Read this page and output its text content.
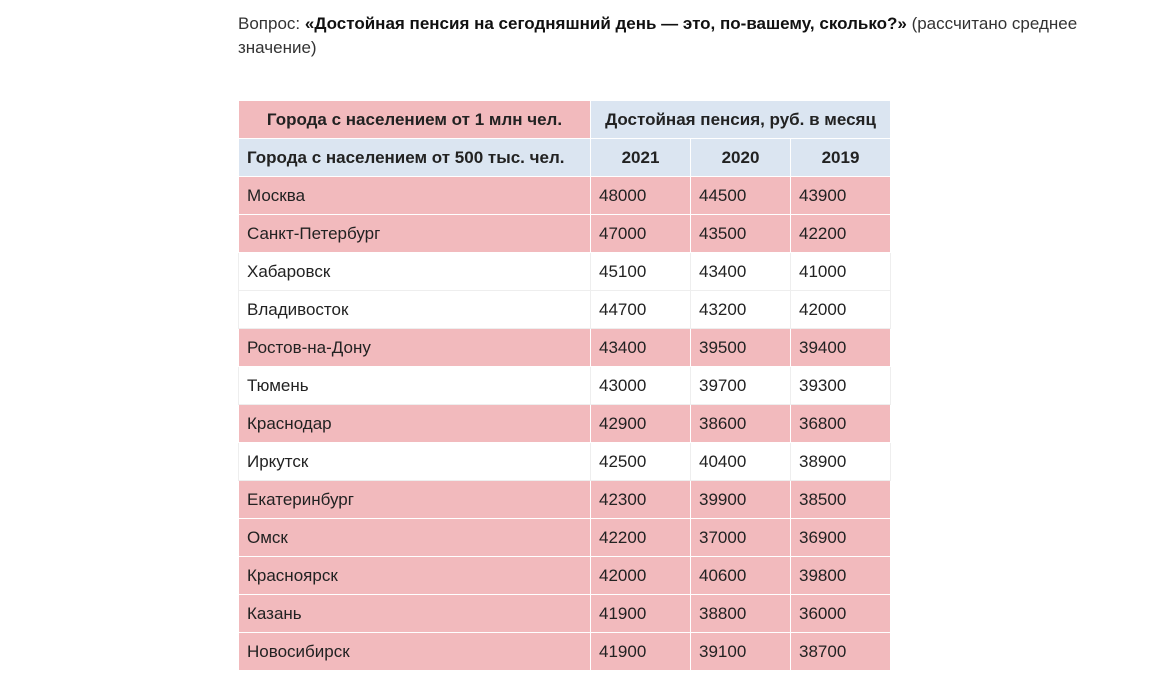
Вопрос: «Достойная пенсия на сегодняшний день — это, по-вашему, сколько?» (рассчитано среднее значение)
Города с населением от 1 млн чел.	Достойная пенсия, руб. в месяц		
Города с населением от 500 тыс. чел.	2021	2020	2019
Москва	48000	44500	43900
Санкт-Петербург	47000	43500	42200
Хабаровск	45100	43400	41000
Владивосток	44700	43200	42000
Ростов-на-Дону	43400	39500	39400
Тюмень	43000	39700	39300
Краснодар	42900	38600	36800
Иркутск	42500	40400	38900
Екатеринбург	42300	39900	38500
Омск	42200	37000	36900
Красноярск	42000	40600	39800
Казань	41900	38800	36000
Новосибирск	41900	39100	38700
